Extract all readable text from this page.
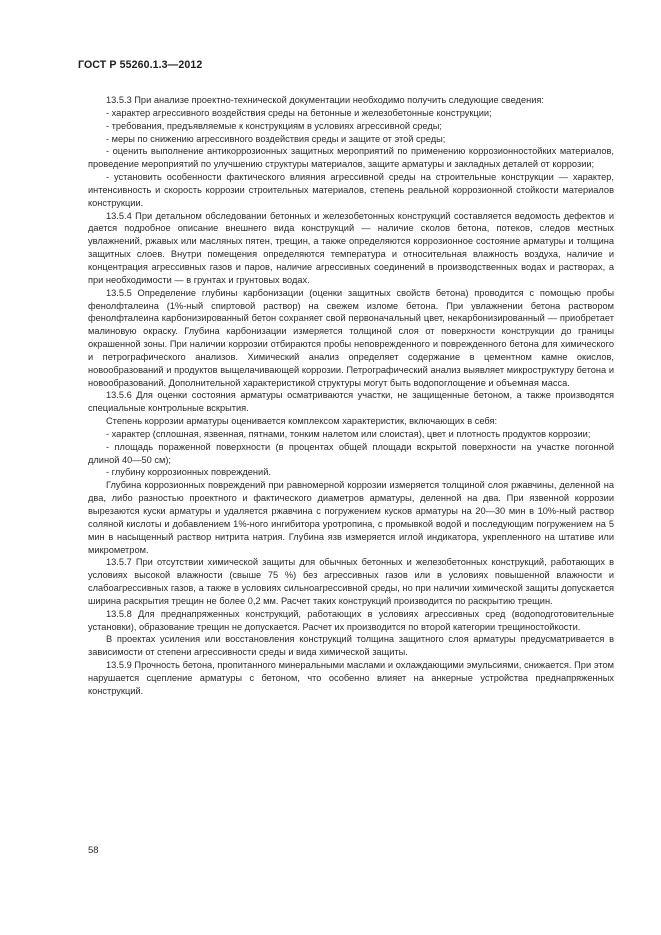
ГОСТ Р 55260.1.3—2012

13.5.3 При анализе проектно-технической документации необходимо получить следующие сведения:

- характер агрессивного воздействия среды на бетонные и железобетонные конструкции;

- требования, предъявляемые к конструкциям в условиях агрессивной среды;

- меры по снижению агрессивного воздействия среды и защите от этой среды;

- оценить выполнение антикоррозионных защитных мероприятий по применению коррозионностойких материалов, проведение мероприятий по улучшению структуры материалов, защите арматуры и закладных деталей от коррозии;

- установить особенности фактического влияния агрессивной среды на строительные конструкции — характер, интенсивность и скорость коррозии строительных материалов, степень реальной коррозионной стойкости материалов конструкции.

13.5.4 При детальном обследовании бетонных и железобетонных конструкций составляется ведомость дефектов и дается подробное описание внешнего вида конструкций — наличие сколов бетона, потеков, следов местных увлажнений, ржавых или масляных пятен, трещин, а также определяются коррозионное состояние арматуры и толщина защитных слоев. Внутри помещения определяются температура и относительная влажность воздуха, наличие и концентрация агрессивных газов и паров, наличие агрессивных соединений в производственных водах и растворах, а при необходимости — в грунтах и грунтовых водах.

13.5.5 Определение глубины карбонизации (оценки защитных свойств бетона) проводится с помощью пробы фенолфталеина (1%-ный спиртовой раствор) на свежем изломе бетона. При увлажнении бетона раствором фенолфталеина карбонизированный бетон сохраняет свой первоначальный цвет, некарбонизированный — приобретает малиновую окраску. Глубина карбонизации измеряется толщиной слоя от поверхности конструкции до границы окрашенной зоны. При наличии коррозии отбираются пробы неповрежденного и поврежденного бетона для химического и петрографического анализов. Химический анализ определяет содержание в цементном камне окислов, новообразований и продуктов выщелачивающей коррозии. Петрографический анализ выявляет микроструктуру бетона и новообразований. Дополнительной характеристикой структуры могут быть водопоглощение и объемная масса.

13.5.6 Для оценки состояния арматуры осматриваются участки, не защищенные бетоном, а также производятся специальные контрольные вскрытия.

Степень коррозии арматуры оценивается комплексом характеристик, включающих в себя:

- характер (сплошная, язвенная, пятнами, тонким налетом или слоистая), цвет и плотность продуктов коррозии;

- площадь пораженной поверхности (в процентах общей площади вскрытой поверхности на участке погонной длиной 40—50 см);

- глубину коррозионных повреждений.

Глубина коррозионных повреждений при равномерной коррозии измеряется толщиной слоя ржавчины, деленной на два, либо разностью проектного и фактического диаметров арматуры, деленной на два. При язвенной коррозии вырезаются куски арматуры и удаляется ржавчина с погружением кусков арматуры на 20—30 мин в 10%-ный раствор соляной кислоты и добавлением 1%-ного ингибитора уротропина, с промывкой водой и последующим погружением на 5 мин в насыщенный раствор нитрита натрия. Глубина язв измеряется иглой индикатора, укрепленного на штативе или микрометром.

13.5.7 При отсутствии химической защиты для обычных бетонных и железобетонных конструкций, работающих в условиях высокой влажности (свыше 75 %) без агрессивных газов или в условиях повышенной влажности и слабоагрессивных газов, а также в условиях сильноагрессивной среды, но при наличии химической защиты допускается ширина раскрытия трещин не более 0,2 мм. Расчет таких конструкций производится по раскрытию трещин.

13.5.8 Для преднапряженных конструкций, работающих в условиях агрессивных сред (водоподготовительные установки), образование трещин не допускается. Расчет их производится по второй категории трещиностойкости.

В проектах усиления или восстановления конструкций толщина защитного слоя арматуры предусматривается в зависимости от степени агрессивности среды и вида химической защиты.

13.5.9 Прочность бетона, пропитанного минеральными маслами и охлаждающими эмульсиями, снижается. При этом нарушается сцепление арматуры с бетоном, что особенно влияет на анкерные устройства преднапряженных конструкций.

58
